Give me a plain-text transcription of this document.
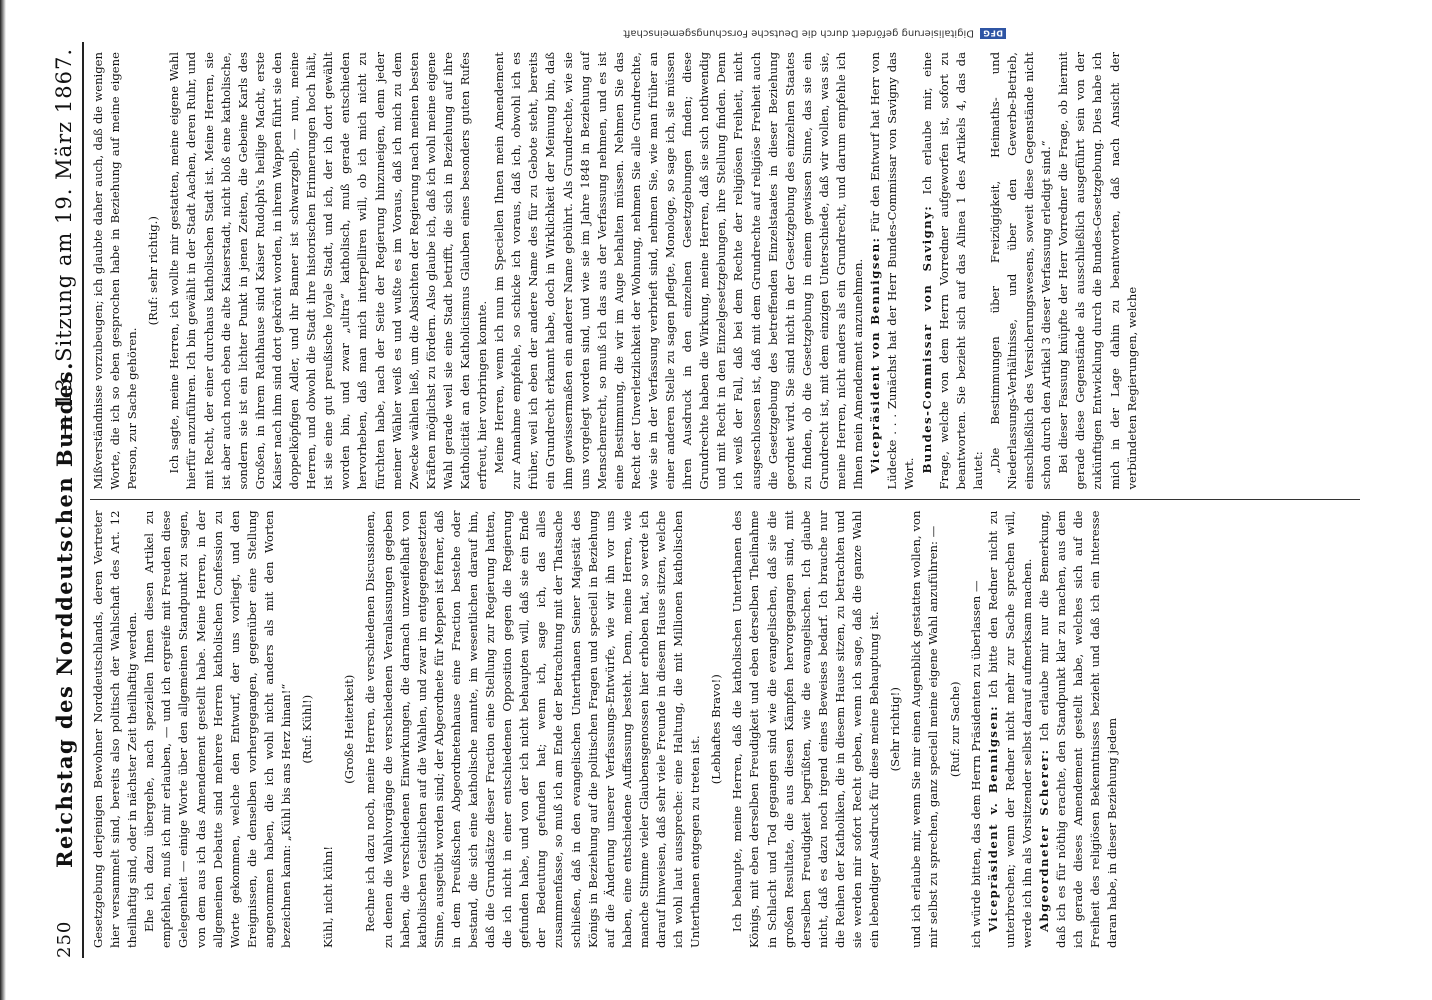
250
Reichstag des Norddeutschen Bundes.
— 13. Sitzung am 19. März 1867.

Gesetzgebung derjenigen Bewohner Norddeutschlands, deren Vertreter hier versammelt sind, bereits also politisch der Wahlschaft des Art. 12 theilhaftig sind, oder in nächster Zeit theilhaftig werden. Ehe ich dazu übergehe, nach speziellen Ihnen diesen Artikel zu empfehlen, muß ich mir erlauben, — und ich ergreife mit Freuden diese Gelegenheit — einige Worte über den allgemeinen Standpunkt zu sagen, von dem aus ich das Amendement gestellt habe. Meine Herren, in der allgemeinen Debatte sind mehrere Herren katholischen Confession zu Worte gekommen, welche den Entwurf, der uns vorliegt, und den Ereignissen, die denselben vorhergegangen, gegenüber eine Stellung angenommen haben, die ich wohl nicht anders als mit den Worten bezeichnen kann: „Kühl bis ans Herz hinan!“ (Ruf: Kühl!)

Kühl, nicht kühn!

(Große Heiterkeit) Rechne ich dazu noch, meine Herren, die verschiedenen Discussionen, zu denen die Wahlvorgänge die verschiedenen Veranlassungen gegeben haben, die verschiedenen Einwirkungen, die darnach unzweifelhaft von katholischen Geistlichen auf die Wahlen, und zwar im entgegengesetzten Sinne, ausgeübt worden sind; der Abgeordnete für Meppen ist ferner, daß in dem Preußischen Abgeordnetenhause eine Fraction bestehe oder bestand, die sich eine katholische nannte, im wesentlichen darauf hin, daß die Grundsätze dieser Fraction eine Stellung zur Regierung hatten, die ich nicht in einer entschiedenen Opposition gegen die Regierung gefunden habe, und von der ich nicht behaupten will, daß sie ein Ende der Bedeutung gefunden hat; wenn ich, sage ich, das alles zusammenfasse, so muß ich am Ende der Betrachtung mit der Thatsache schließen, daß in den evangelischen Unterthanen Seiner Majestät des Königs in Beziehung auf die politischen Fragen und speciell in Beziehung auf die Änderung unserer Verfassungs-Entwürfe, wie wir ihn vor uns haben, eine entschiedene Auffassung besteht. Denn, meine Herren, wie manche Stimme vieler Glaubensgenossen hier erhoben hat, so werde ich darauf hinweisen, daß sehr viele Freunde in diesem Hause sitzen, welche ich wohl laut ausspreche: eine Haltung, die mit Millionen katholischen Unterthanen entgegen zu treten ist.

(Lebhaftes Bravo!) Ich behaupte, meine Herren, daß die katholischen Unterthanen des Königs, mit eben derselben Freudigkeit und eben derselben Theilnahme in Schlacht und Tod gegangen sind wie die evangelischen, daß sie die großen Resultate, die aus diesen Kämpfen hervorgegangen sind, mit derselben Freudigkeit begrüßten, wie die evangelischen. Ich glaube nicht, daß es dazu noch irgend eines Beweises bedarf. Ich brauche nur die Reihen der Katholiken, die in diesem Hause sitzen, zu betrachten und sie werden mir sofort Recht geben, wenn ich sage, daß die ganze Wahl ein lebendiger Ausdruck für diese meine Behauptung ist. (Sehr richtig!) und ich erlaube mir, wenn Sie mir einen Augenblick gestatten wollen, von mir selbst zu sprechen, ganz speciell meine eigene Wahl anzuführen: — (Ruf: zur Sache) ich würde bitten, das dem Herrn Präsidenten zu überlassen — Vicepräsident v. Bennigsen: Ich bitte den Redner nicht zu unterbrechen; wenn der Redner nicht mehr zur Sache sprechen will, werde ich ihn als Vorsitzender selbst darauf aufmerksam machen. Abgeordneter Scherer: Ich erlaube mir nur die Bemerkung, daß ich es für nöthig erachte, den Standpunkt klar zu machen, aus dem ich gerade dieses Amendement gestellt habe, welches sich auf die Freiheit des religiösen Bekenntnisses bezieht und daß ich ein Interesse daran habe, in dieser Beziehung jedem

Mißverständnisse vorzubeugen; ich glaubte daher auch, daß die wenigen Worte, die ich so eben gesprochen habe in Beziehung auf meine eigene Person, zur Sache gehören.

(Ruf: sehr richtig.) Ich sagte, meine Herren, ich wollte mir gestatten, meine eigene Wahl hierfür anzuführen. Ich bin gewählt in der Stadt Aachen, deren Ruhr, und mit Recht, der einer durchaus katholischen Stadt ist. Meine Herren, sie ist aber auch noch eben die alte Kaiserstadt, nicht bloß eine katholische, sondern sie ist ein lichter Punkt in jenen Zeiten, die Gebeine Karls des Großen, in ihrem Rathhause sind Kaiser Rudolph's heilige Macht, erste Kaiser nach ihm sind dort gekrönt worden, in ihrem Wappen führt sie den doppelköpfigen Adler, und ihr Banner ist schwarzgelb, — nun, meine Herren, und obwohl die Stadt ihre historischen Erinnerungen hoch hält, ist sie eine gut preußische loyale Stadt, und ich, der ich dort gewählt worden bin, und zwar „ultra“ katholisch, muß gerade entschieden hervorheben, daß man mich interpelliren will, ob ich mich nicht zu fürchten habe, nach der Seite der Regierung hinzuneigen, denn jeder meiner Wähler weiß es und wußte es im Voraus, daß ich mich zu dem Zwecke wählen ließ, um die Absichten der Regierung nach meinen besten Kräften möglichst zu fördern. Also glaube ich, daß ich wohl meine eigene Wahl gerade weil sie eine Stadt betrifft, die sich in Beziehung auf ihre Katholicität an den Katholicismus Glauben eines besonders guten Rufes erfreut, hier vorbringen konnte. Meine Herren, wenn ich nun im Speciellen Ihnen mein Amendement zur Annahme empfehle, so schicke ich voraus, daß ich, obwohl ich es früher, weil ich eben der andere Name des für zu Gebote steht, bereits ein Grundrecht erkannt habe, doch in Wirklichkeit der Meinung bin, daß ihm gewissermaßen ein anderer Name gebührt. Als Grundrechte, wie sie uns vorgelegt worden sind, und wie sie im Jahre 1848 in Beziehung auf Menschenrecht, so muß ich das aus der Verfassung nehmen, und es ist eine Bestimmung, die wir im Auge behalten müssen. Nehmen Sie das Recht der Unverletzlichkeit der Wohnung, nehmen Sie alle Grundrechte, wie sie in der Verfassung verbrieft sind, nehmen Sie, wie man früher an einer anderen Stelle zu sagen pflegte, Monologe, so sage ich, sie müssen ihren Ausdruck in den einzelnen Gesetzgebungen finden; diese Grundrechte haben die Wirkung, meine Herren, daß sie sich nothwendig und mit Recht in den Einzelgesetzgebungen, ihre Stellung finden. Denn ich weiß der Fall, daß bei dem Rechte der religiösen Freiheit, nicht ausgeschlossen ist, daß mit dem Grundrechte auf religiöse Freiheit auch die Gesetzgebung des betreffenden Einzelstaates in dieser Beziehung geordnet wird. Sie sind nicht in der Gesetzgebung des einzelnen Staates zu finden, ob die Gesetzgebung in einem gewissen Sinne, das sie ein Grundrecht ist, mit dem einzigen Unterschiede, daß wir wollen, was sie, meine Herren, nicht anders als ein Grundrecht, und darum empfehle ich Ihnen mein Amendement anzunehmen. Vicepräsident von Bennigsen: Für den Entwurf hat Herr von Lüdecke . . . Zunächst hat der Herr Bundes-Commissar von Savigny das Wort. Bundes-Commissar von Savigny: Ich erlaube mir, eine Frage, welche von dem Herrn Vorredner aufgeworfen ist, sofort zu beantworten. Sie bezieht sich auf das Alinea 1 des Artikels 4, das da lautet: „Die Bestimmungen über Freizügigkeit, Heimaths- und Niederlassungs-Verhältnisse, und über den Gewerbe-Betrieb, einschließlich des Versicherungswesens, soweit diese Gegenstände nicht schon durch den Artikel 3 dieser Verfassung erledigt sind.“ Bei dieser Fassung knüpfte der Herr Vorredner die Frage, ob hiermit gerade diese Gegenstände als ausschließlich ausgeführt sein von der zukünftigen Entwicklung durch die Bundes-Gesetzgebung. Dies habe ich mich in der Lage dahin zu beantworten, daß nach Ansicht der verbündeten Regierungen, welche

DFG
Digitalisierung gefördert durch die Deutsche Forschungsgemeinschaft
